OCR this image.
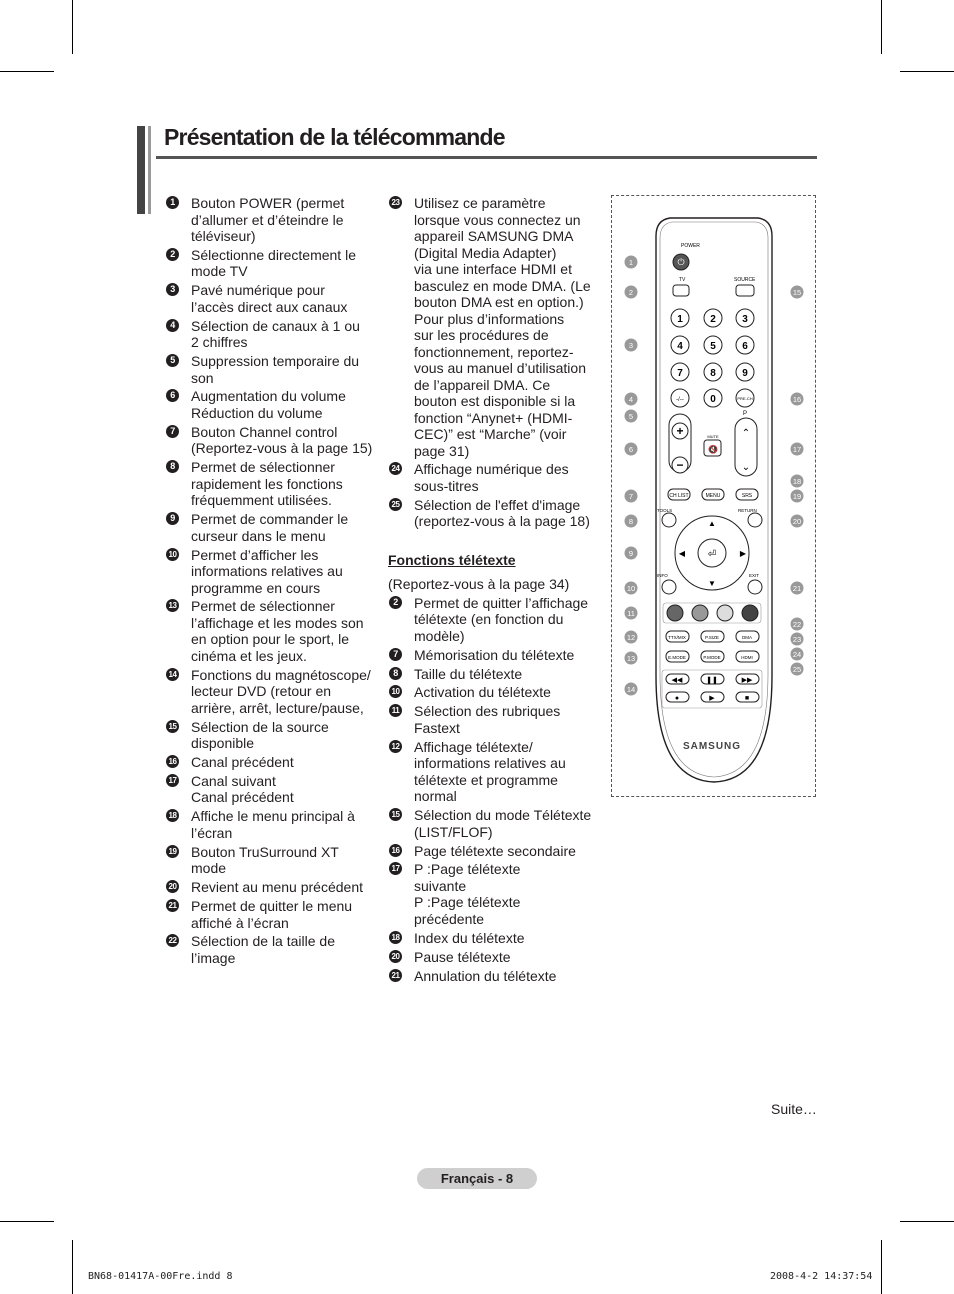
Présentation de la télécommande
1	Bouton POWER (permet
d’allumer et d’éteindre le
téléviseur)
2	Sélectionne directement le
mode TV
3	Pavé numérique pour
l’accès direct aux canaux
4	Sélection de canaux à 1 ou
2 chiffres
5	Suppression temporaire du
son
6	Augmentation du volume
Réduction du volume
7	Bouton Channel control
(Reportez-vous à la page 15)
8	Permet de sélectionner
rapidement les fonctions
fréquemment utilisées.
9	Permet de commander le
curseur dans le menu
10 Permet d’afficher les
informations relatives au
programme en cours
13 Permet de sélectionner
l’affichage et les modes son
en option pour le sport, le
cinéma et les jeux.
14 Fonctions du magnétoscope/
lecteur DVD (retour en
arrière, arrêt, lecture/pause,
15 Sélection de la source
disponible
16 Canal précédent
17 Canal suivant
Canal précédent
18 Affiche le menu principal à
l’écran
19 Bouton TruSurround XT mode
20 Revient au menu précédent
21 Permet de quitter le menu
affiché à l’écran
22 Sélection de la taille de
l’image
23 Utilisez ce paramètre
lorsque vous connectez un
appareil SAMSUNG DMA
(Digital Media Adapter)
via une interface HDMI et
basculez en mode DMA. (Le
bouton DMA est en option.)
Pour plus d’informations
sur les procédures de
fonctionnement, reportez-
vous au manuel d’utilisation
de l’appareil DMA. Ce
bouton est disponible si la
fonction “Anynet+ (HDMI-
CEC)” est “Marche” (voir
page 31)
24 Affichage numérique des
sous-titres
25 Sélection de l'effet d'image
(reportez-vous à la page 18)
Fonctions télétexte
(Reportez-vous à la page 34)
2	Permet de quitter l’affichage
télétexte (en fonction du
modèle)
7	Mémorisation du télétexte
8	Taille du télétexte
10 Activation du télétexte
11 Sélection des rubriques
Fastext
12 Affichage télétexte/
informations relatives au
télétexte et programme
normal
15 Sélection du mode Télétexte
(LIST/FLOF)
16 Page télétexte secondaire
17 P :Page télétexte
suivante
P :Page télétexte
précédente
18 Index du télétexte
20 Pause télétexte
21 Annulation du télétexte
POWER
⏻
TV	SOURCE
1	2	3
4	5	6
7	8	9
-/--	0	PRE-CH
+
−
MUTE
🔇
P
⌃
⌄
CH LIST	MENU	SRS
TOOLS	RETURN
⏎
▲
▼
◀	▶
INFO	EXIT
TTX/MIX	P.SIZE	DMA
E.MODE	P.MODE	HDMI
◀◀	❚❚	▶▶
●	▶	■
SAMSUNG
1
2
3
4
5
6
7
8
9
10
11
12
13
14
15
16
17
18
19
20
21
22
23
24
25
Suite…
Français - 8
BN68-01417A-00Fre.indd 8	2008-4-2 14:37:54
